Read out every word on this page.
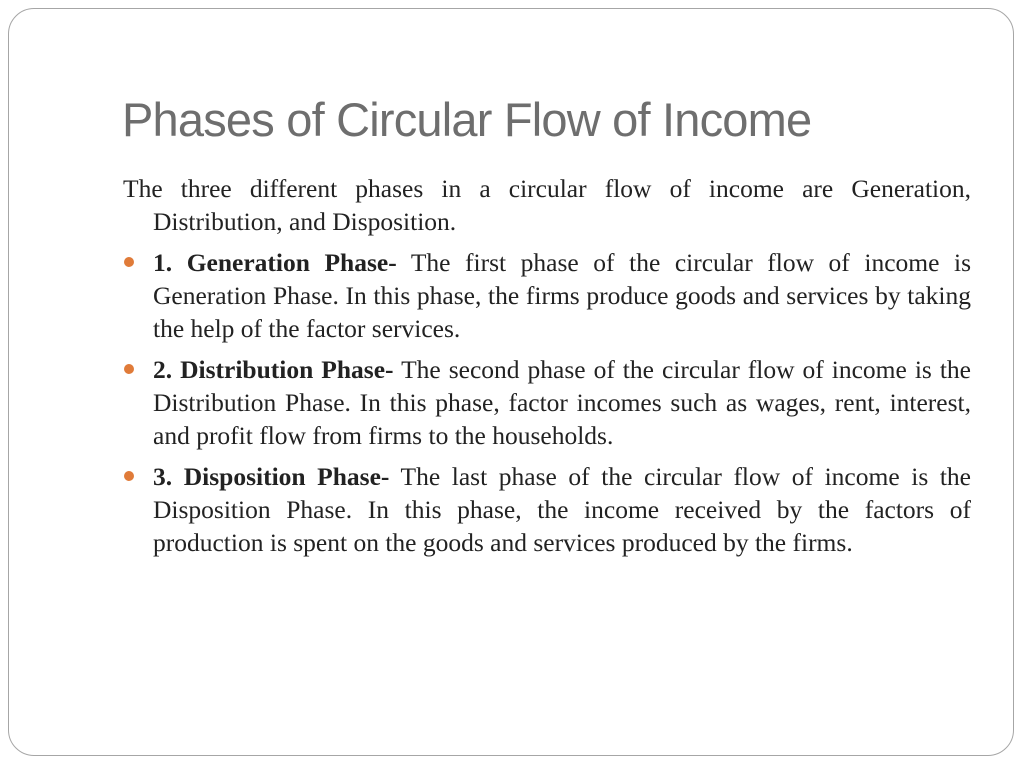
Phases of Circular Flow of Income

The three different phases in a circular flow of income are Generation, Distribution, and Disposition.

1. Generation Phase- The first phase of the circular flow of income is Generation Phase. In this phase, the firms produce goods and services by taking the help of the factor services.
2. Distribution Phase- The second phase of the circular flow of income is the Distribution Phase. In this phase, factor incomes such as wages, rent, interest, and profit flow from firms to the households.
3. Disposition Phase- The last phase of the circular flow of income is the Disposition Phase. In this phase, the income received by the factors of production is spent on the goods and services produced by the firms.
